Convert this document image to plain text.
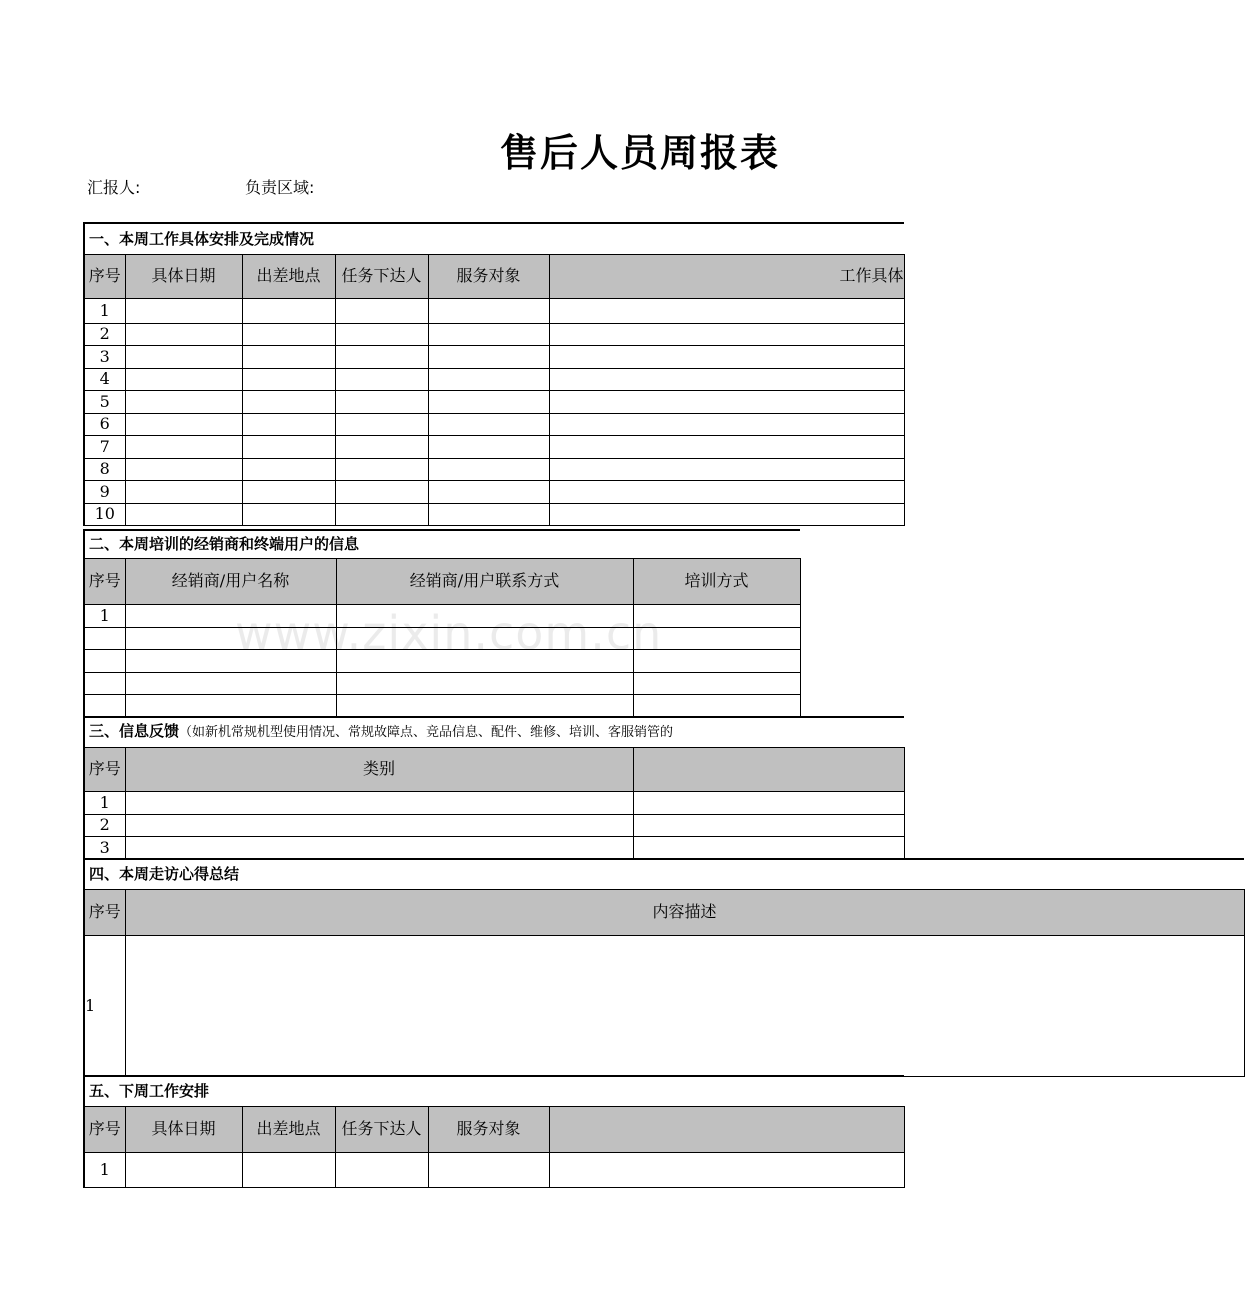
售后人员周报表
汇报人:	负责区域:
一、本周工作具体安排及完成情况					
序号	具体日期	出差地点	任务下达人	服务对象	工作具体
1					
2					
3					
4					
5					
6					
7					
8					
9					
10					
二、本周培训的经销商和终端用户的信息			
序号	经销商/用户名称	经销商/用户联系方式	培训方式
1			

三、信息反馈（如新机常规机型使用情况、常规故障点、竞品信息、配件、维修、培训、客服销管的		
序号	类别	
1		
2		
3		
四、本周走访心得总结	
序号	内容描述
1	
五、下周工作安排					
序号	具体日期	出差地点	任务下达人	服务对象	
1					
www.zixin.com.cn
